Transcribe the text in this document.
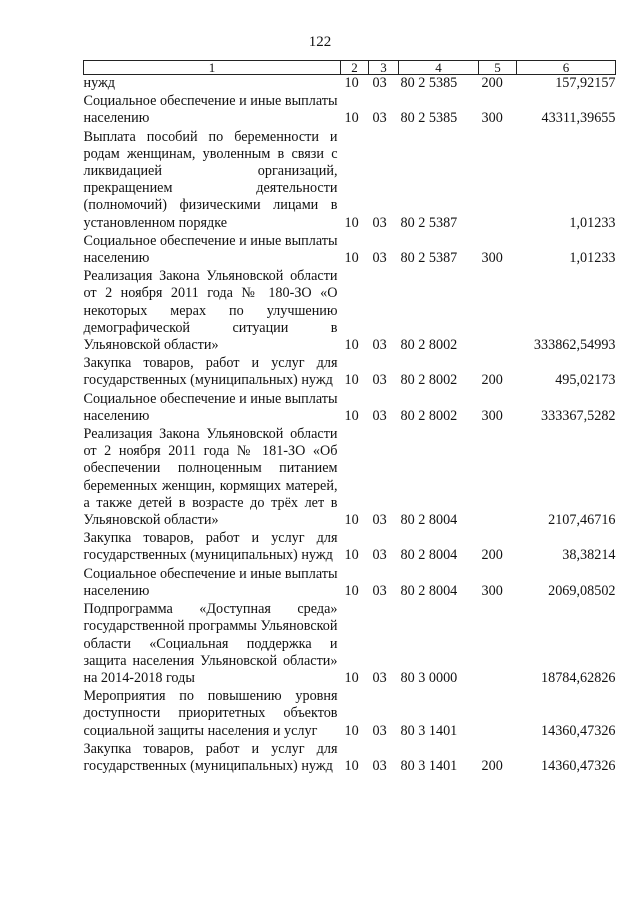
122
1	2	3	4	5	6
нужд	10	03	80 2 5385	200	157,92157
Социальное обеспечение и иные выплаты населению	10	03	80 2 5385	300	43311,39655
Выплата пособий по беременности и родам женщинам, уволенным в связи с ликвидацией организаций, прекращением деятельности (полномочий) физическими лицами в установленном порядке	10	03	80 2 5387		1,01233
Социальное обеспечение и иные выплаты населению	10	03	80 2 5387	300	1,01233
Реализация Закона Ульяновской области от 2 ноября 2011 года № 180-ЗО «О некоторых мерах по улучшению демографической ситуации в Ульяновской области»	10	03	80 2 8002		333862,54993
Закупка товаров, работ и услуг для государственных (муниципальных) нужд	10	03	80 2 8002	200	495,02173
Социальное обеспечение и иные выплаты населению	10	03	80 2 8002	300	333367,5282
Реализация Закона Ульяновской области от 2 ноября 2011 года № 181-ЗО «Об обеспечении полноценным питанием беременных женщин, кормящих матерей, а также детей в возрасте до трёх лет в Ульяновской области»	10	03	80 2 8004		2107,46716
Закупка товаров, работ и услуг для государственных (муниципальных) нужд	10	03	80 2 8004	200	38,38214
Социальное обеспечение и иные выплаты населению	10	03	80 2 8004	300	2069,08502
Подпрограмма «Доступная среда» государственной программы Ульяновской области «Социальная поддержка и защита населения Ульяновской области» на 2014-2018 годы	10	03	80 3 0000		18784,62826
Мероприятия по повышению уровня доступности приоритетных объектов социальной защиты населения и услуг	10	03	80 3 1401		14360,47326
Закупка товаров, работ и услуг для государственных (муниципальных) нужд	10	03	80 3 1401	200	14360,47326
